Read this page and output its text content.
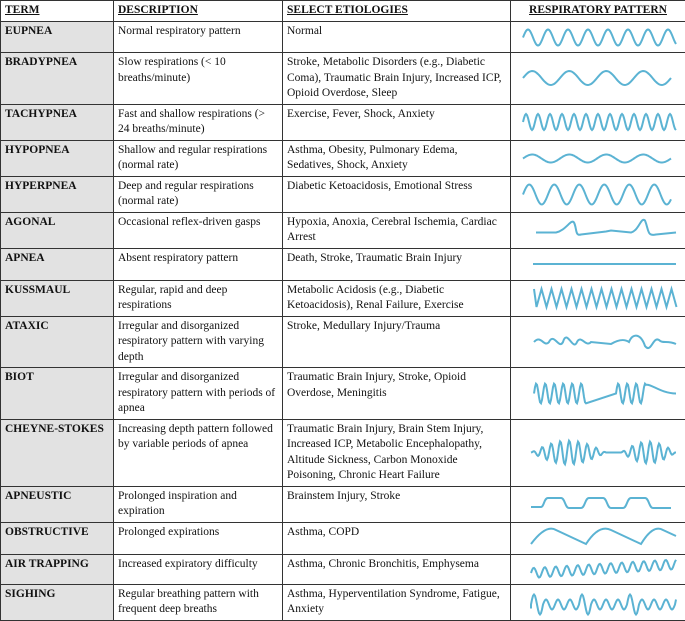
TERM	DESCRIPTION	SELECT ETIOLOGIES	RESPIRATORY PATTERN
EUPNEA	Normal respiratory pattern	Normal	

BRADYPNEA	Slow respirations (< 10 breaths/minute)	Stroke, Metabolic Disorders (e.g., Diabetic Coma), Traumatic Brain Injury, Increased ICP, Opioid Overdose, Sleep	

TACHYPNEA	Fast and shallow respirations (> 24 breaths/minute)	Exercise, Fever, Shock, Anxiety	

HYPOPNEA	Shallow and regular respirations (normal rate)	Asthma, Obesity, Pulmonary Edema, Sedatives, Shock, Anxiety	

HYPERPNEA	Deep and regular respirations (normal rate)	Diabetic Ketoacidosis, Emotional Stress	

AGONAL	Occasional reflex-driven gasps	Hypoxia, Anoxia, Cerebral Ischemia, Cardiac Arrest	

APNEA	Absent respiratory pattern	Death, Stroke, Traumatic Brain Injury	

KUSSMAUL	Regular, rapid and deep respirations	Metabolic Acidosis (e.g., Diabetic Ketoacidosis), Renal Failure, Exercise	

ATAXIC	Irregular and disorganized respiratory pattern with varying depth	Stroke, Medullary Injury/Trauma	

BIOT	Irregular and disorganized respiratory pattern with periods of apnea	Traumatic Brain Injury, Stroke, Opioid Overdose, Meningitis	

CHEYNE-STOKES	Increasing depth pattern followed by variable periods of apnea	Traumatic Brain Injury, Brain Stem Injury, Increased ICP, Metabolic Encephalopathy, Altitude Sickness, Carbon Monoxide Poisoning, Chronic Heart Failure	

APNEUSTIC	Prolonged inspiration and expiration	Brainstem Injury, Stroke	

OBSTRUCTIVE	Prolonged expirations	Asthma, COPD	

AIR TRAPPING	Increased expiratory difficulty	Asthma, Chronic Bronchitis, Emphysema	

SIGHING	Regular breathing pattern with frequent deep breaths	Asthma, Hyperventilation Syndrome, Fatigue, Anxiety	
